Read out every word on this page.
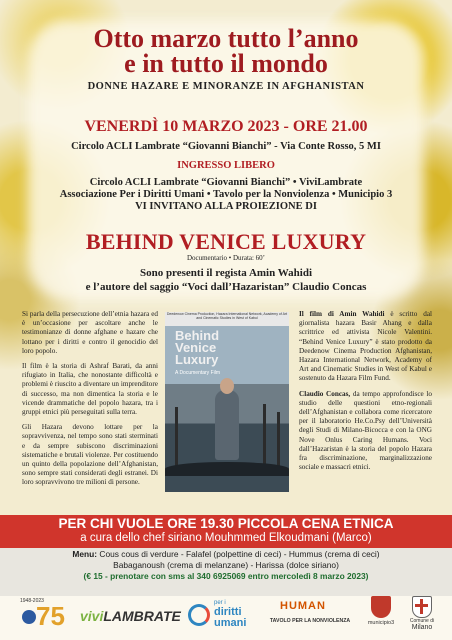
Otto marzo tutto l’anno
e in tutto il mondo
DONNE HAZARE E MINORANZE IN AFGHANISTAN
VENERDÌ 10 MARZO 2023 - ORE 21.00
Circolo ACLI Lambrate “Giovanni Bianchi” - Via Conte Rosso, 5 MI
INGRESSO LIBERO
Circolo ACLI Lambrate “Giovanni Bianchi” • ViviLambrate
Associazione Per i Diritti Umani • Tavolo per la Nonviolenza • Municipio 3
VI INVITANO ALLA PROIEZIONE DI
BEHIND VENICE LUXURY
Documentario • Durata: 60’
Sono presenti il regista Amin Wahidi
e l’autore del saggio “Voci dall’Hazaristan” Claudio Concas

Si parla della persecuzione dell’etnia hazara ed è un’occasione per ascoltare anche le testimonianze di donne afghane e hazare che lottano per i diritti e contro il genocidio del loro popolo.

Il film è la storia di Ashraf Barati, da anni rifugiato in Italia, che nonostante difficoltà e problemi è riuscito a diventare un imprenditore di successo, ma non dimentica la storia e le vicende drammatiche del popolo hazara, tra i gruppi etnici più perseguitati sulla terra.

Gli Hazara devono lottare per la sopravvivenza, nel tempo sono stati sterminati e da sempre subiscono discriminazioni sistematiche e brutali violenze. Per costituendo un quinto della popolazione dell’Afghanistan, sono sempre stati considerati degli estranei. Di loro sopravvivono tre milioni di persone.

Deedenow Cinema Production, Hazara International Network, Academy of Art and Cinematic Studies in West of Kabul
Behind
Venice
Luxury
A Documentary Film

Il film di Amin Wahidi è scritto dal giornalista hazara Basir Ahang e dalla scrittrice ed attivista Nicole Valentini. “Behind Venice Luxury” è stato prodotto da Deedenow Cinema Production Afghanistan, Hazara International Network, Academy of Art and Cinematic Studies in West of Kabul e sostenuto da Hazara Film Fund.

Claudio Concas, da tempo approfondisce lo studio delle questioni etno-regionali dell’Afghanistan e collabora come ricercatore per il laboratorio He.Co.Psy dell’Università degli Studi di Milano-Bicocca e con la ONG Nove Onlus Caring Humans. Voci dall’Hazaristan è la storia del popolo Hazara fra discriminazione, marginalizzazione sociale e massacri etnici.

PER CHI VUOLE ORE 19.30 PICCOLA CENA ETNICA
a cura dello chef siriano Mouhmmed Elkoudmani (Marco)
Menu: Cous cous di verdure - Falafel (polpettine di ceci) - Hummus (crema di ceci)
Babaganoush (crema di melanzane) - Harissa (dolce siriano)
(€ 15 - prenotare con sms al 340 6925069 entro mercoledì 8 marzo 2023)
1948-2023
75 viviLAMBRATE
per i
diritti
umani
HUMAN
TAVOLO PER LA NONVIOLENZA	municipio3	Comune di
Milano
